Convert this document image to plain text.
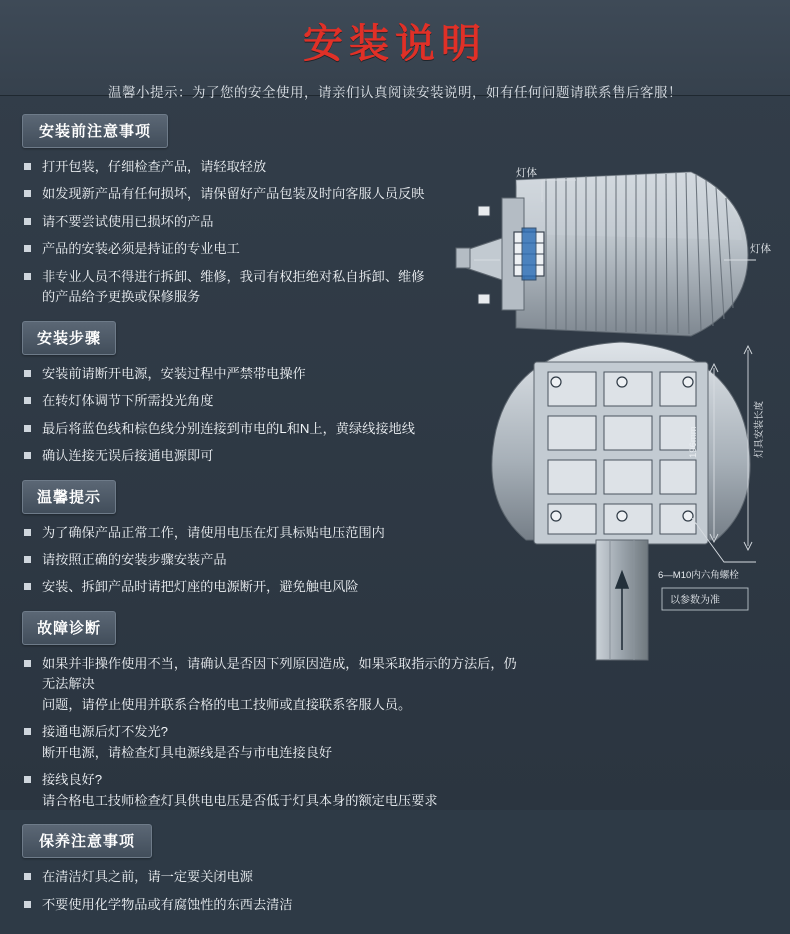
安装说明
温馨小提示：为了您的安全使用，请亲们认真阅读安装说明，如有任何问题请联系售后客服！
灯体
灯体
196mm	灯具安装长度
6—M10内六角螺栓
以参数为准
安装前注意事项
打开包装，仔细检查产品，请轻取轻放
如发现新产品有任何损坏，请保留好产品包装及时向客服人员反映
请不要尝试使用已损坏的产品
产品的安装必须是持证的专业电工
非专业人员不得进行拆卸、维修，我司有权拒绝对私自拆卸、维修
的产品给予更换或保修服务
安装步骤
安装前请断开电源，安装过程中严禁带电操作
在转灯体调节下所需投光角度
最后将蓝色线和棕色线分别连接到市电的L和N上，黄绿线接地线
确认连接无误后接通电源即可
温馨提示
为了确保产品正常工作，请使用电压在灯具标贴电压范围内
请按照正确的安装步骤安装产品
安装、拆卸产品时请把灯座的电源断开，避免触电风险
故障诊断
如果并非操作使用不当，请确认是否因下列原因造成，如果采取指示的方法后，仍无法解决
问题，请停止使用并联系合格的电工技师或直接联系客服人员。
接通电源后灯不发光?
断开电源，请检查灯具电源线是否与市电连接良好
接线良好?
请合格电工技师检查灯具供电电压是否低于灯具本身的额定电压要求
保养注意事项
在清洁灯具之前，请一定要关闭电源
不要使用化学物品或有腐蚀性的东西去清洁
